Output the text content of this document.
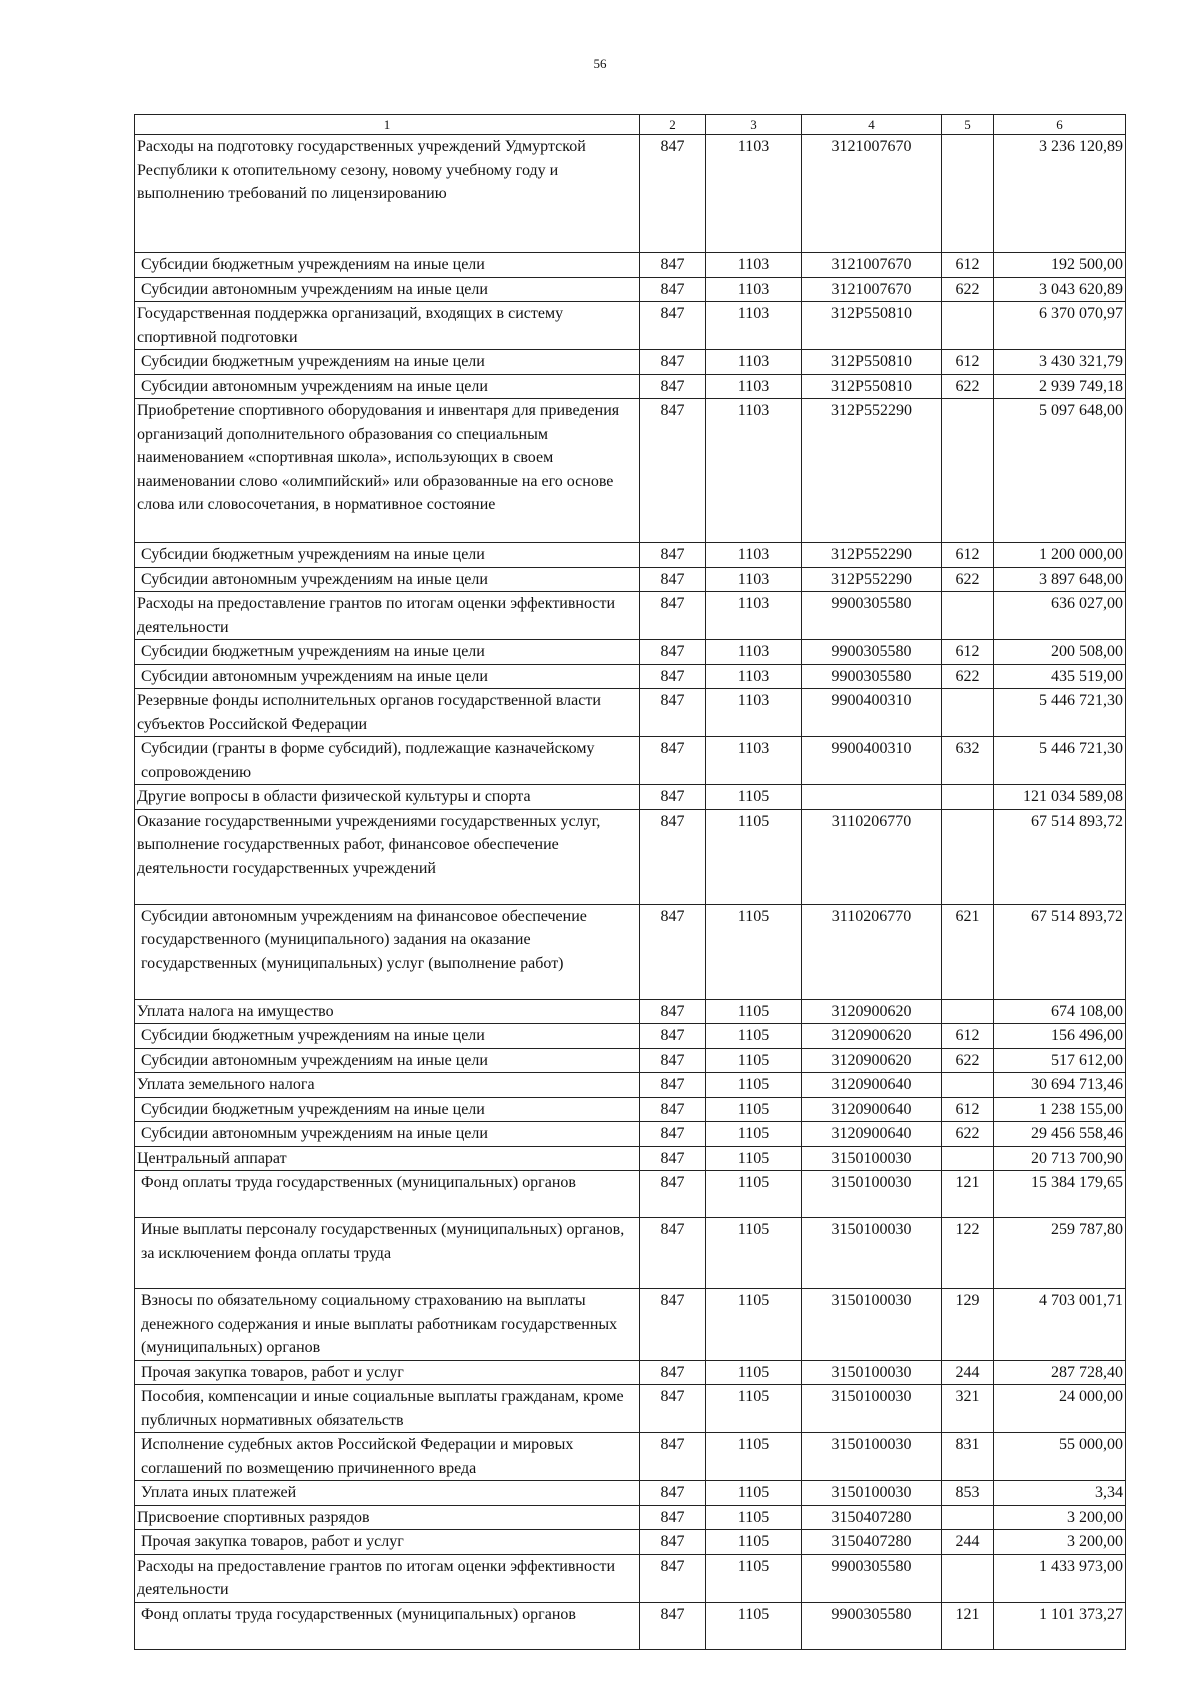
56
1	2	3	4	5	6
Расходы на подготовку государственных учреждений Удмуртской Республики к отопительному сезону, новому учебному году и выполнению требований по лицензированию	847	1103	3121007670		3 236 120,89
Субсидии бюджетным учреждениям на иные цели	847	1103	3121007670	612	192 500,00
Субсидии автономным учреждениям на иные цели	847	1103	3121007670	622	3 043 620,89
Государственная поддержка организаций, входящих в систему спортивной подготовки	847	1103	312P550810		6 370 070,97
Субсидии бюджетным учреждениям на иные цели	847	1103	312P550810	612	3 430 321,79
Субсидии автономным учреждениям на иные цели	847	1103	312P550810	622	2 939 749,18
Приобретение спортивного оборудования и инвентаря для приведения организаций дополнительного образования со специальным наименованием «спортивная школа», использующих в своем наименовании слово «олимпийский» или образованные на его основе слова или словосочетания, в нормативное состояние	847	1103	312P552290		5 097 648,00
Субсидии бюджетным учреждениям на иные цели	847	1103	312P552290	612	1 200 000,00
Субсидии автономным учреждениям на иные цели	847	1103	312P552290	622	3 897 648,00
Расходы на предоставление грантов по итогам оценки эффективности деятельности	847	1103	9900305580		636 027,00
Субсидии бюджетным учреждениям на иные цели	847	1103	9900305580	612	200 508,00
Субсидии автономным учреждениям на иные цели	847	1103	9900305580	622	435 519,00
Резервные фонды исполнительных органов государственной власти субъектов Российской Федерации	847	1103	9900400310		5 446 721,30
Субсидии (гранты в форме субсидий), подлежащие казначейскому сопровождению	847	1103	9900400310	632	5 446 721,30
Другие вопросы в области физической культуры и спорта	847	1105			121 034 589,08
Оказание государственными учреждениями государственных услуг, выполнение государственных работ, финансовое обеспечение деятельности государственных учреждений	847	1105	3110206770		67 514 893,72
Субсидии автономным учреждениям на финансовое обеспечение государственного (муниципального) задания на оказание государственных (муниципальных) услуг (выполнение работ)	847	1105	3110206770	621	67 514 893,72
Уплата налога на имущество	847	1105	3120900620		674 108,00
Субсидии бюджетным учреждениям на иные цели	847	1105	3120900620	612	156 496,00
Субсидии автономным учреждениям на иные цели	847	1105	3120900620	622	517 612,00
Уплата земельного налога	847	1105	3120900640		30 694 713,46
Субсидии бюджетным учреждениям на иные цели	847	1105	3120900640	612	1 238 155,00
Субсидии автономным учреждениям на иные цели	847	1105	3120900640	622	29 456 558,46
Центральный аппарат	847	1105	3150100030		20 713 700,90
Фонд оплаты труда государственных (муниципальных) органов	847	1105	3150100030	121	15 384 179,65
Иные выплаты персоналу государственных (муниципальных) органов, за исключением фонда оплаты труда	847	1105	3150100030	122	259 787,80
Взносы по обязательному социальному страхованию на выплаты денежного содержания и иные выплаты работникам государственных (муниципальных) органов	847	1105	3150100030	129	4 703 001,71
Прочая закупка товаров, работ и услуг	847	1105	3150100030	244	287 728,40
Пособия, компенсации и иные социальные выплаты гражданам, кроме публичных нормативных обязательств	847	1105	3150100030	321	24 000,00
Исполнение судебных актов Российской Федерации и мировых соглашений по возмещению причиненного вреда	847	1105	3150100030	831	55 000,00
Уплата иных платежей	847	1105	3150100030	853	3,34
Присвоение спортивных разрядов	847	1105	3150407280		3 200,00
Прочая закупка товаров, работ и услуг	847	1105	3150407280	244	3 200,00
Расходы на предоставление грантов по итогам оценки эффективности деятельности	847	1105	9900305580		1 433 973,00
Фонд оплаты труда государственных (муниципальных) органов	847	1105	9900305580	121	1 101 373,27
